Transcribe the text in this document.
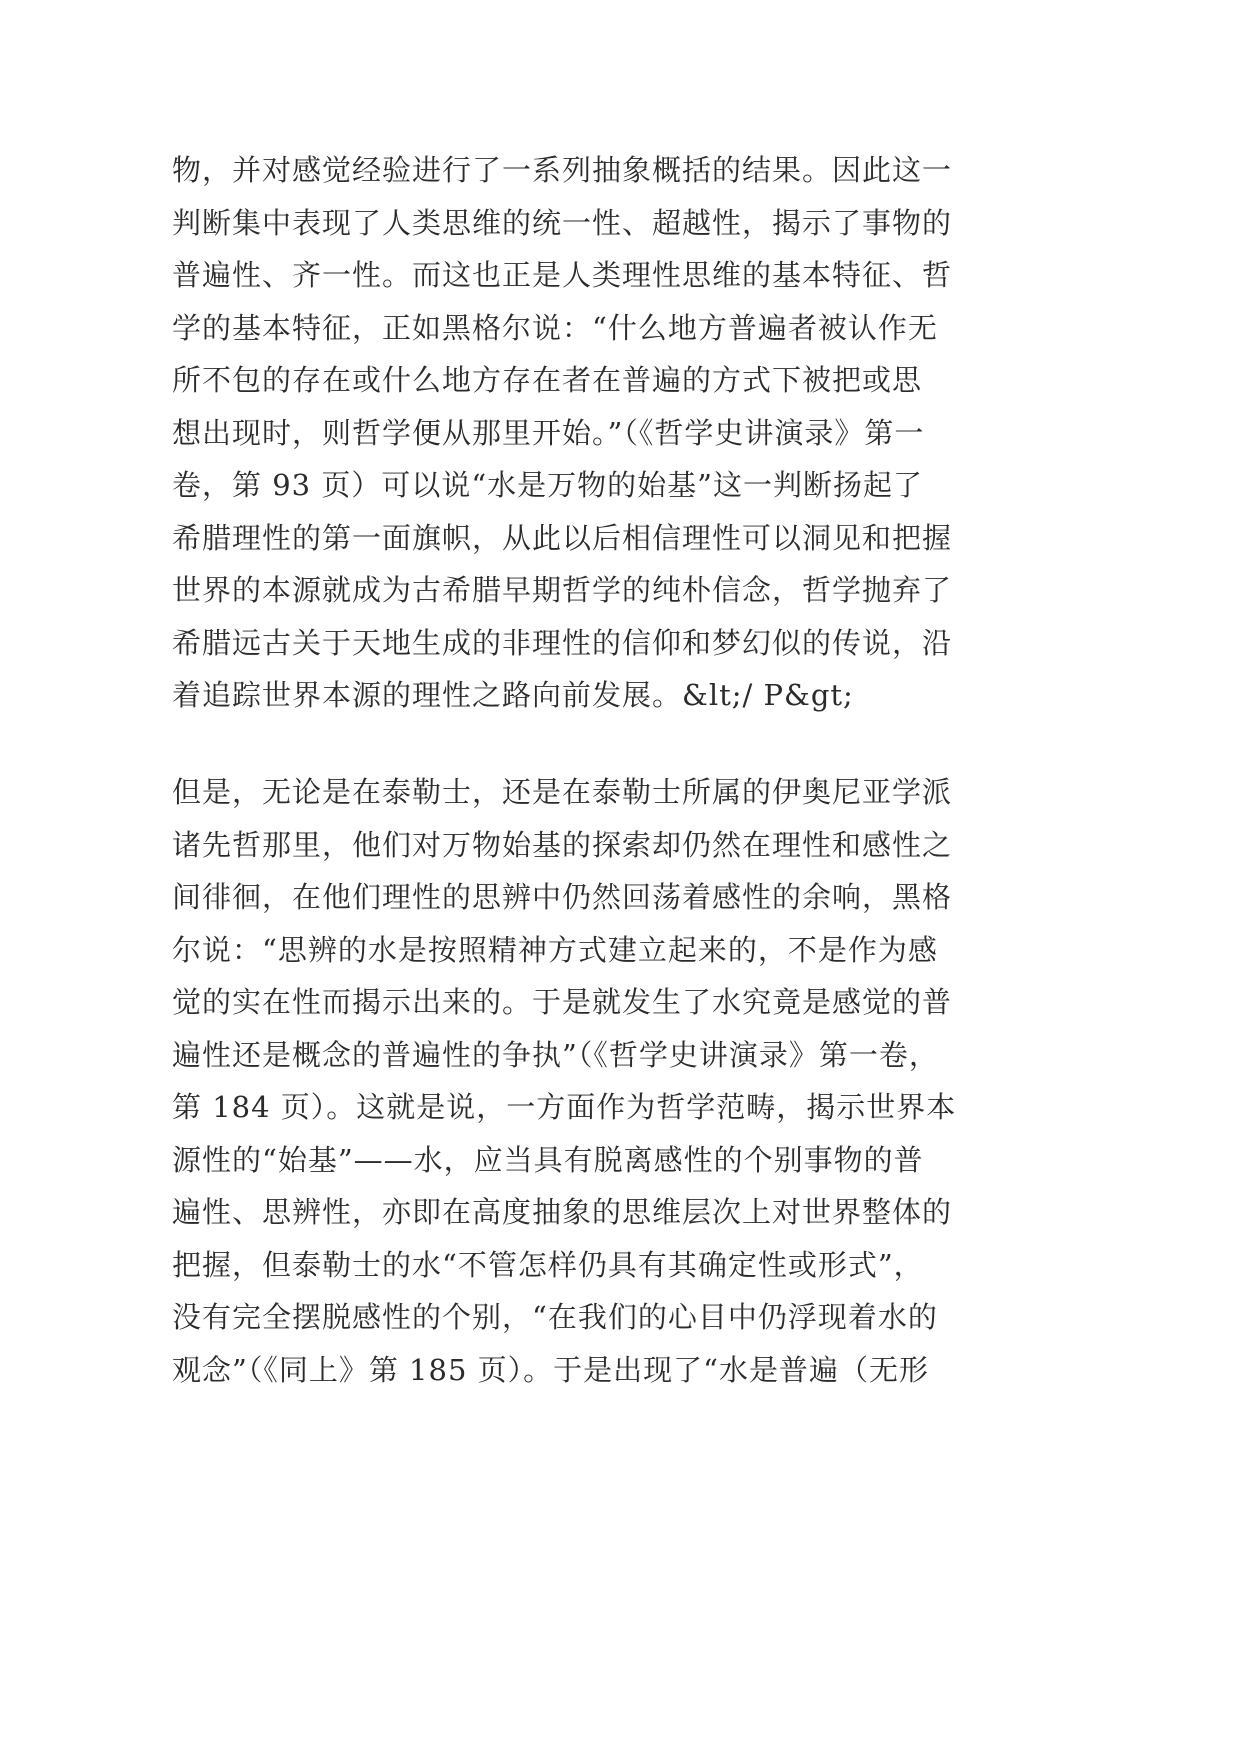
物，并对感觉经验进行了一系列抽象概括的结果。因此这一
判断集中表现了人类思维的统一性、超越性，揭示了事物的
普遍性、齐一性。而这也正是人类理性思维的基本特征、哲
学的基本特征，正如黑格尔说：“什么地方普遍者被认作无
所不包的存在或什么地方存在者在普遍的方式下被把或思
想出现时，则哲学便从那里开始。”（《哲学史讲演录》第一
卷，第 93 页）可以说“水是万物的始基”这一判断扬起了
希腊理性的第一面旗帜，从此以后相信理性可以洞见和把握
世界的本源就成为古希腊早期哲学的纯朴信念，哲学抛弃了
希腊远古关于天地生成的非理性的信仰和梦幻似的传说，沿
着追踪世界本源的理性之路向前发展。&lt;/ P&gt;
但是，无论是在泰勒士，还是在泰勒士所属的伊奥尼亚学派
诸先哲那里，他们对万物始基的探索却仍然在理性和感性之
间徘徊，在他们理性的思辨中仍然回荡着感性的余响，黑格
尔说：“思辨的水是按照精神方式建立起来的，不是作为感
觉的实在性而揭示出来的。于是就发生了水究竟是感觉的普
遍性还是概念的普遍性的争执”（《哲学史讲演录》第一卷，
第 184 页）。这就是说，一方面作为哲学范畴，揭示世界本
源性的“始基”——水，应当具有脱离感性的个别事物的普
遍性、思辨性，亦即在高度抽象的思维层次上对世界整体的
把握，但泰勒士的水“不管怎样仍具有其确定性或形式”，
没有完全摆脱感性的个别，“在我们的心目中仍浮现着水的
观念”（《同上》第 185 页）。于是出现了“水是普遍（无形
